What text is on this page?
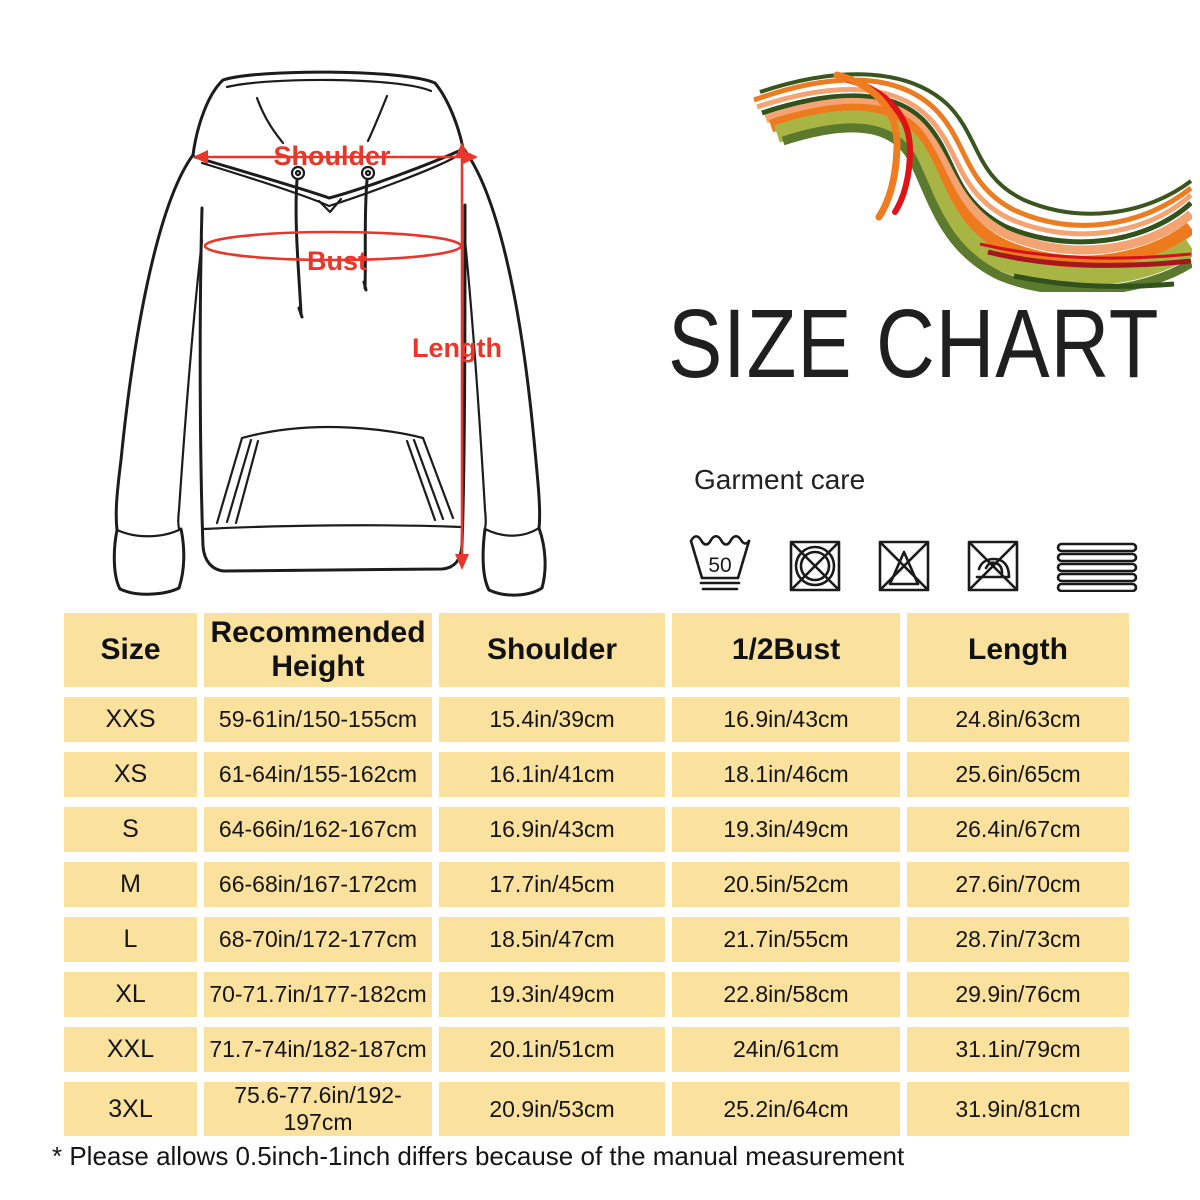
Shoulder
Bust
Length SIZE CHART
Garment care
50
Size	Recommended Height	Shoulder	1/2Bust	Length
XXS	59-61in/150-155cm	15.4in/39cm	16.9in/43cm	24.8in/63cm
XS	61-64in/155-162cm	16.1in/41cm	18.1in/46cm	25.6in/65cm
S	64-66in/162-167cm	16.9in/43cm	19.3in/49cm	26.4in/67cm
M	66-68in/167-172cm	17.7in/45cm	20.5in/52cm	27.6in/70cm
L	68-70in/172-177cm	18.5in/47cm	21.7in/55cm	28.7in/73cm
XL	70-71.7in/177-182cm	19.3in/49cm	22.8in/58cm	29.9in/76cm
XXL	71.7-74in/182-187cm	20.1in/51cm	24in/61cm	31.1in/79cm
3XL	75.6-77.6in/192-197cm	20.9in/53cm	25.2in/64cm	31.9in/81cm
* Please allows 0.5inch-1inch differs because of the manual measurement
